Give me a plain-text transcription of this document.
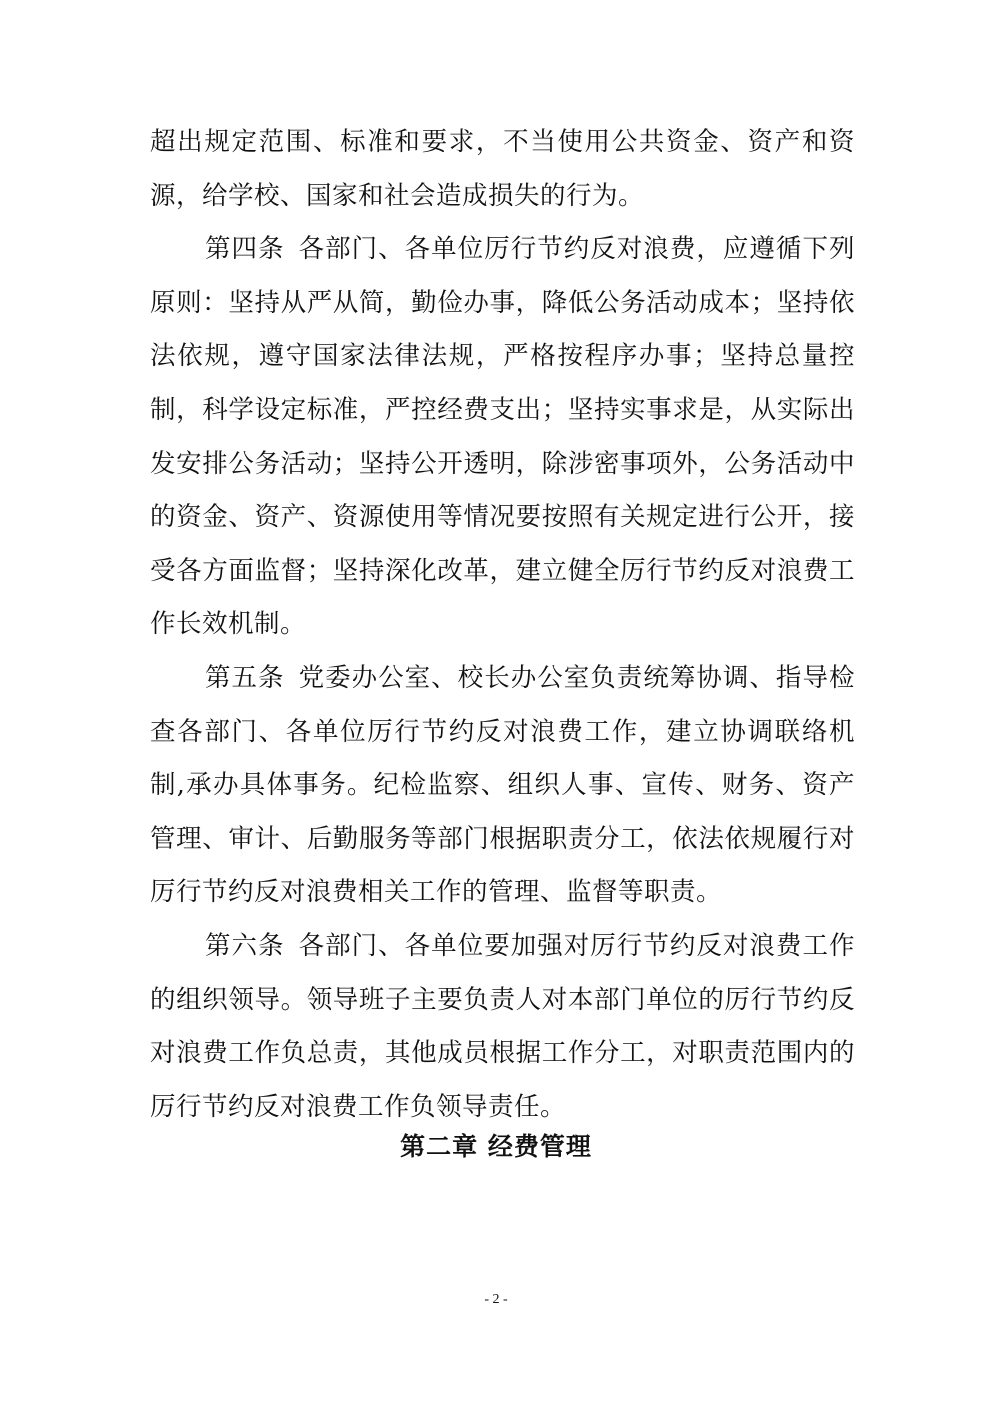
超出规定范围、标准和要求，不当使用公共资金、资产和资源，给学校、国家和社会造成损失的行为。

第四条 各部门、各单位厉行节约反对浪费，应遵循下列原则：坚持从严从简，勤俭办事，降低公务活动成本；坚持依法依规，遵守国家法律法规，严格按程序办事；坚持总量控制，科学设定标准，严控经费支出；坚持实事求是，从实际出发安排公务活动；坚持公开透明，除涉密事项外，公务活动中的资金、资产、资源使用等情况要按照有关规定进行公开，接受各方面监督；坚持深化改革，建立健全厉行节约反对浪费工作长效机制。

第五条 党委办公室、校长办公室负责统筹协调、指导检查各部门、各单位厉行节约反对浪费工作，建立协调联络机制,承办具体事务。纪检监察、组织人事、宣传、财务、资产管理、审计、后勤服务等部门根据职责分工，依法依规履行对厉行节约反对浪费相关工作的管理、监督等职责。

第六条 各部门、各单位要加强对厉行节约反对浪费工作的组织领导。领导班子主要负责人对本部门单位的厉行节约反对浪费工作负总责，其他成员根据工作分工，对职责范围内的厉行节约反对浪费工作负领导责任。

第二章 经费管理
- 2 -
